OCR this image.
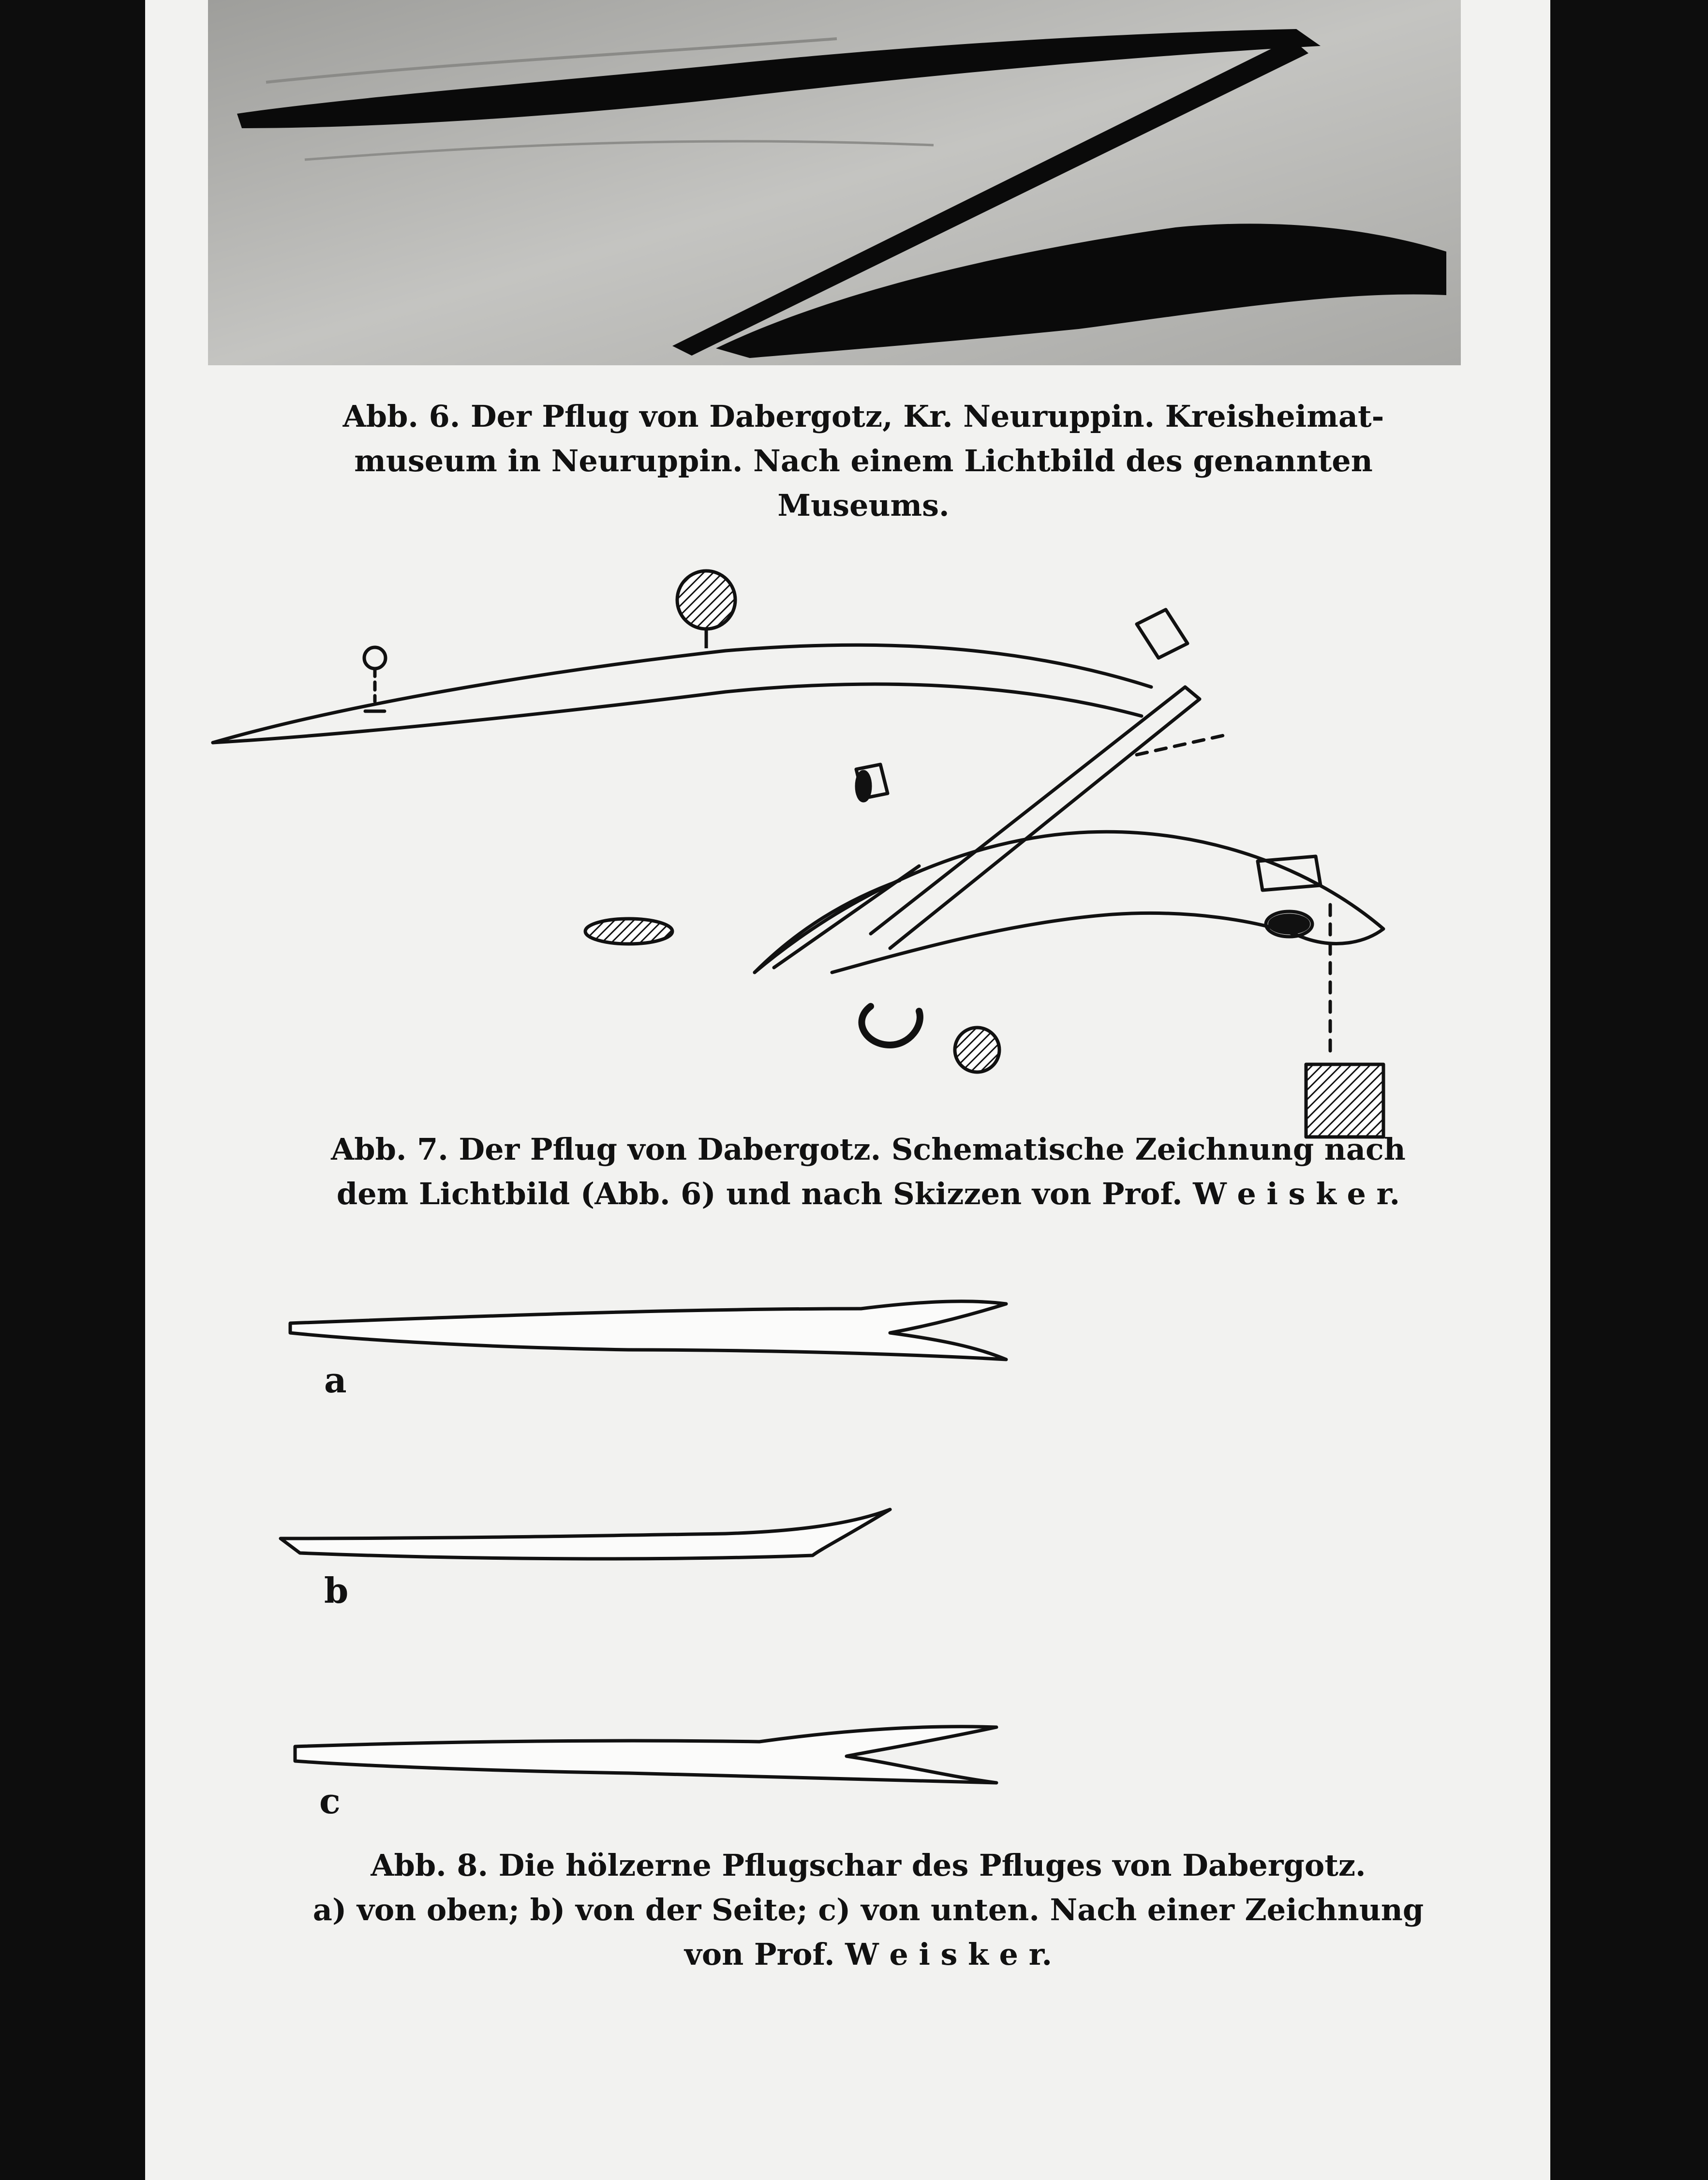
Abb. 6. Der Pflug von Dabergotz, Kr. Neuruppin. Kreisheimat-
museum in Neuruppin. Nach einem Lichtbild des genannten
Museums.
a
b
c
Abb. 7. Der Pflug von Dabergotz. Schematische Zeichnung nach
dem Lichtbild (Abb. 6) und nach Skizzen von Prof. W e i s k e r.
Abb. 8. Die hölzerne Pflugschar des Pfluges von Dabergotz.
a) von oben; b) von der Seite; c) von unten. Nach einer Zeichnung
von Prof. W e i s k e r.
